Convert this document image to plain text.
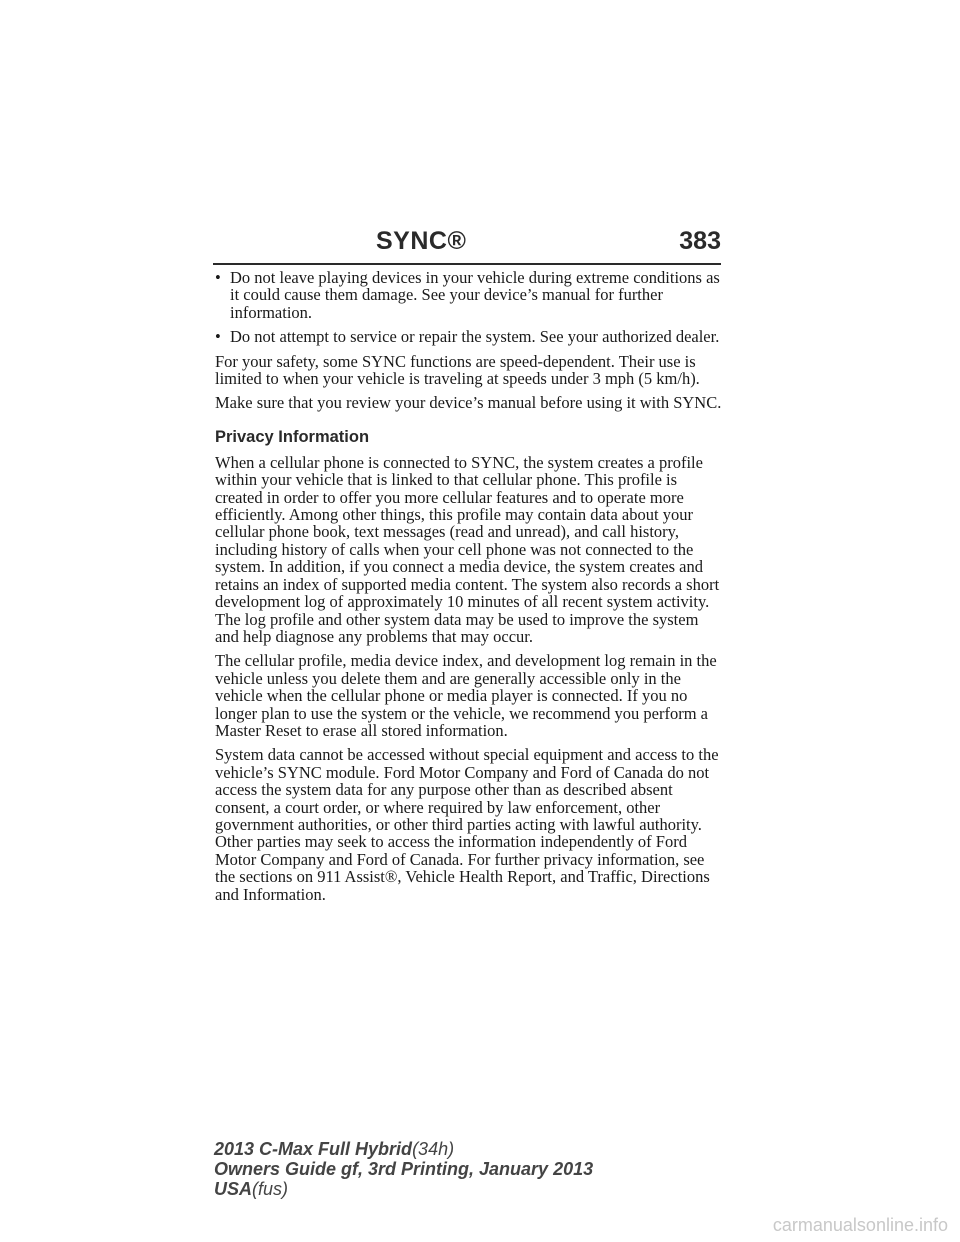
SYNC®	383
• Do not leave playing devices in your vehicle during extreme conditions as it could cause them damage. See your device’s manual for further information.
• Do not attempt to service or repair the system. See your authorized dealer.

For your safety, some SYNC functions are speed-dependent. Their use is limited to when your vehicle is traveling at speeds under 3 mph (5 km/h).

Make sure that you review your device’s manual before using it with SYNC.

Privacy Information

When a cellular phone is connected to SYNC, the system creates a profile within your vehicle that is linked to that cellular phone. This profile is created in order to offer you more cellular features and to operate more efficiently. Among other things, this profile may contain data about your cellular phone book, text messages (read and unread), and call history, including history of calls when your cell phone was not connected to the system. In addition, if you connect a media device, the system creates and retains an index of supported media content. The system also records a short development log of approximately 10 minutes of all recent system activity. The log profile and other system data may be used to improve the system and help diagnose any problems that may occur.

The cellular profile, media device index, and development log remain in the vehicle unless you delete them and are generally accessible only in the vehicle when the cellular phone or media player is connected. If you no longer plan to use the system or the vehicle, we recommend you perform a Master Reset to erase all stored information.

System data cannot be accessed without special equipment and access to the vehicle’s SYNC module. Ford Motor Company and Ford of Canada do not access the system data for any purpose other than as described absent consent, a court order, or where required by law enforcement, other government authorities, or other third parties acting with lawful authority. Other parties may seek to access the information independently of Ford Motor Company and Ford of Canada. For further privacy information, see the sections on 911 Assist®, Vehicle Health Report, and Traffic, Directions and Information.

2013 C-Max Full Hybrid(34h)
Owners Guide gf, 3rd Printing, January 2013
USA(fus)
carmanualsonline.info
